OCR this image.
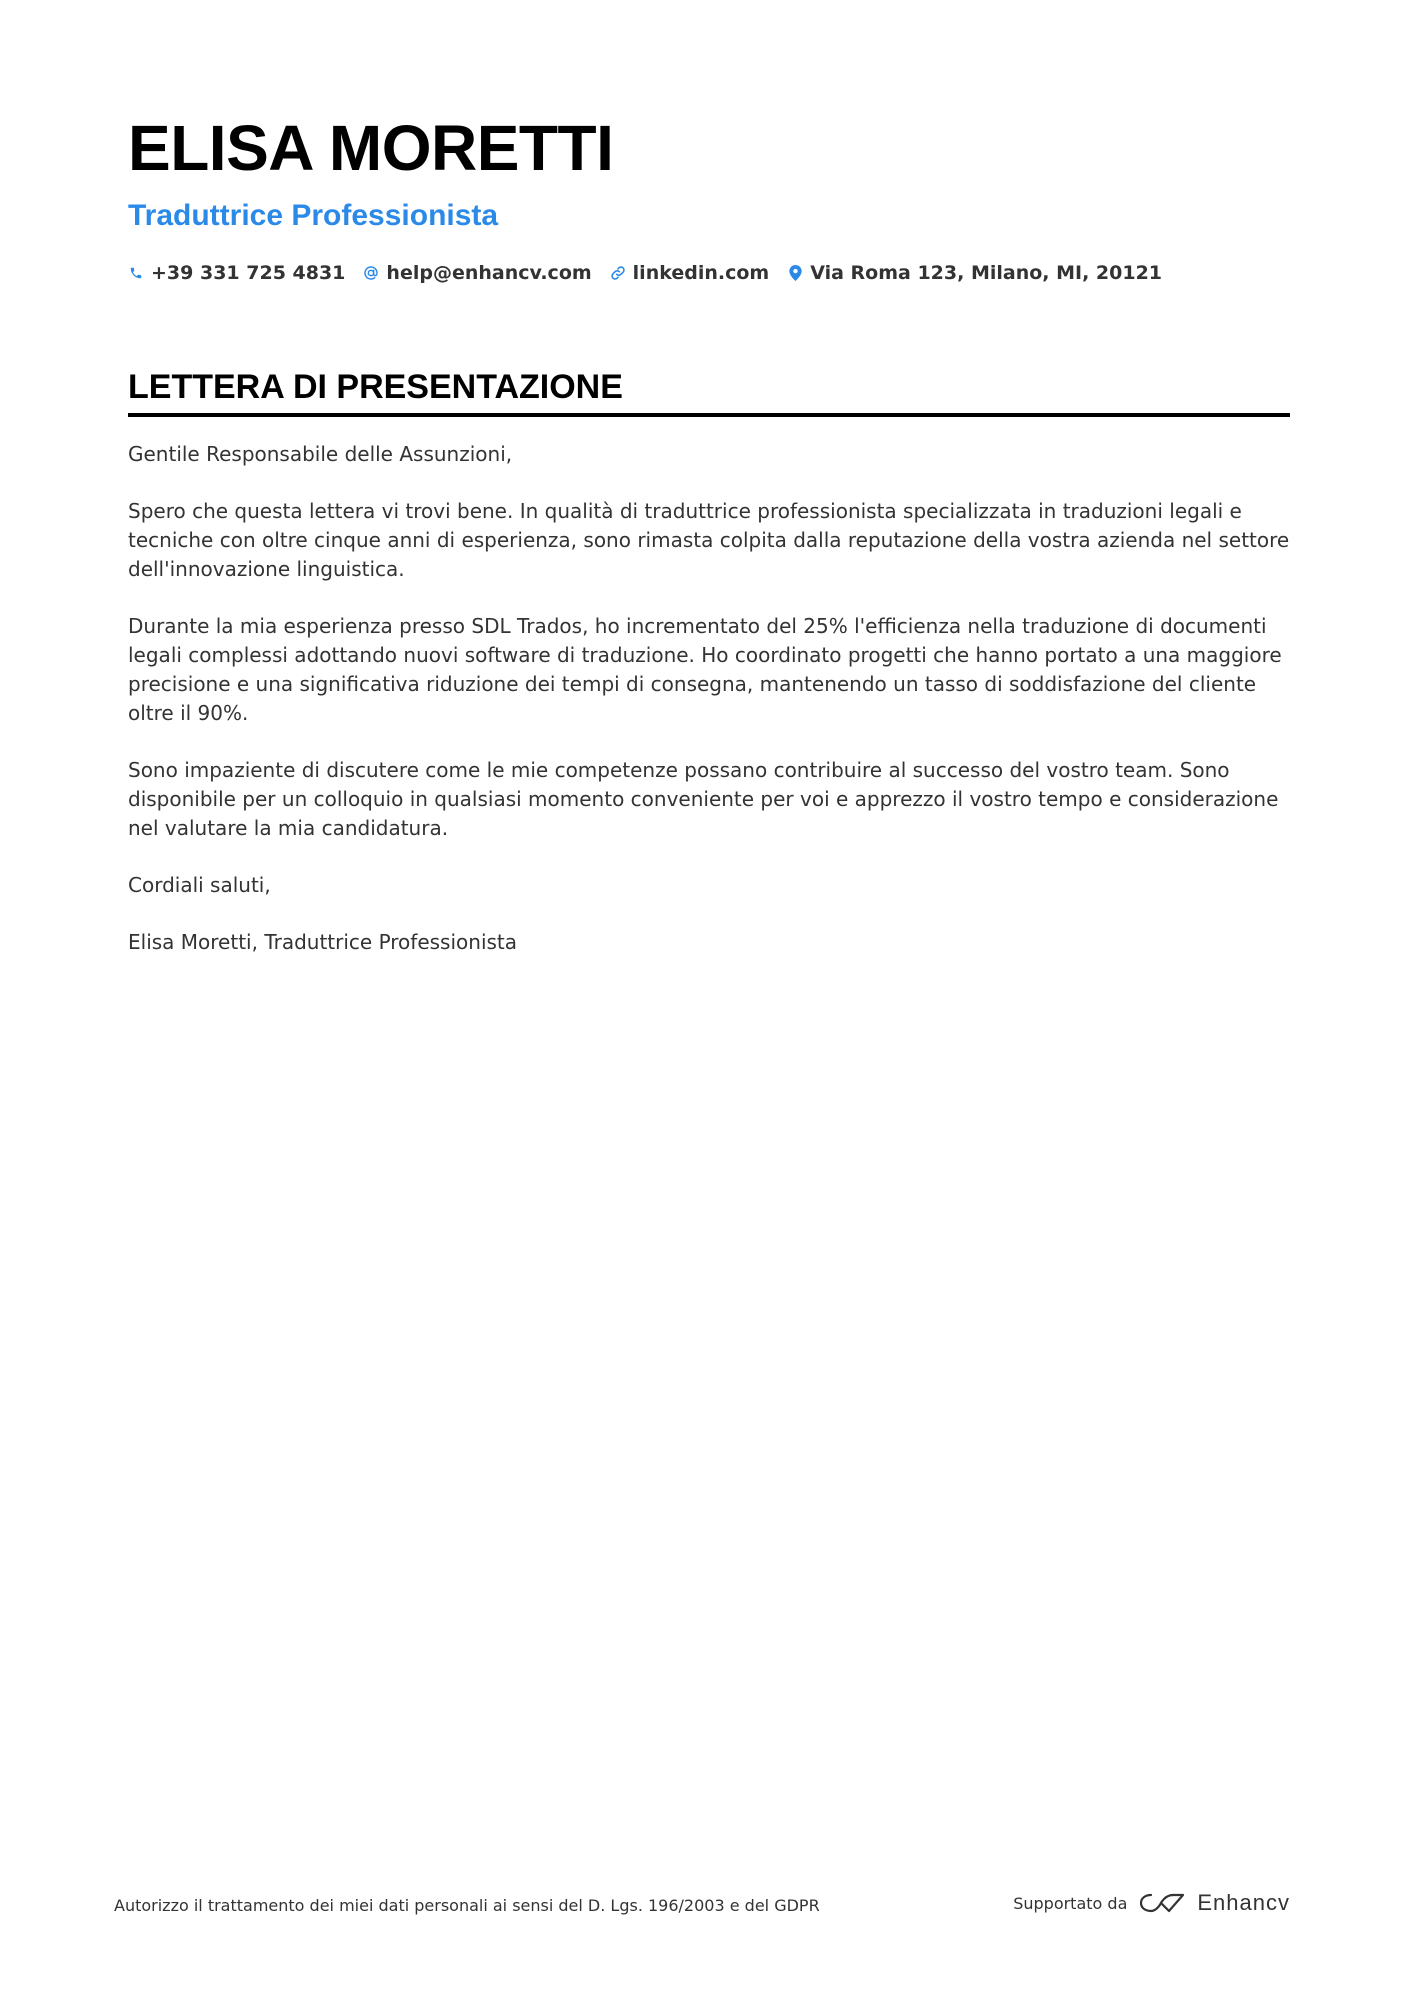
ELISA MORETTI
Traduttrice Professionista
+39 331 725 4831 help@enhancv.com linkedin.com Via Roma 123, Milano, MI, 20121
LETTERA DI PRESENTAZIONE

Gentile Responsabile delle Assunzioni,

Spero che questa lettera vi trovi bene. In qualità di traduttrice professionista specializzata in traduzioni legali e tecniche con oltre cinque anni di esperienza, sono rimasta colpita dalla reputazione della vostra azienda nel settore dell'innovazione linguistica.

Durante la mia esperienza presso SDL Trados, ho incrementato del 25% l'efficienza nella traduzione di documenti legali complessi adottando nuovi software di traduzione. Ho coordinato progetti che hanno portato a una maggiore precisione e una significativa riduzione dei tempi di consegna, mantenendo un tasso di soddisfazione del cliente oltre il 90%.

Sono impaziente di discutere come le mie competenze possano contribuire al successo del vostro team. Sono disponibile per un colloquio in qualsiasi momento conveniente per voi e apprezzo il vostro tempo e considerazione nel valutare la mia candidatura.

Cordiali saluti,

Elisa Moretti, Traduttrice Professionista

Autorizzo il trattamento dei miei dati personali ai sensi del D. Lgs. 196/2003 e del GDPR	Supportato da	Enhancv
